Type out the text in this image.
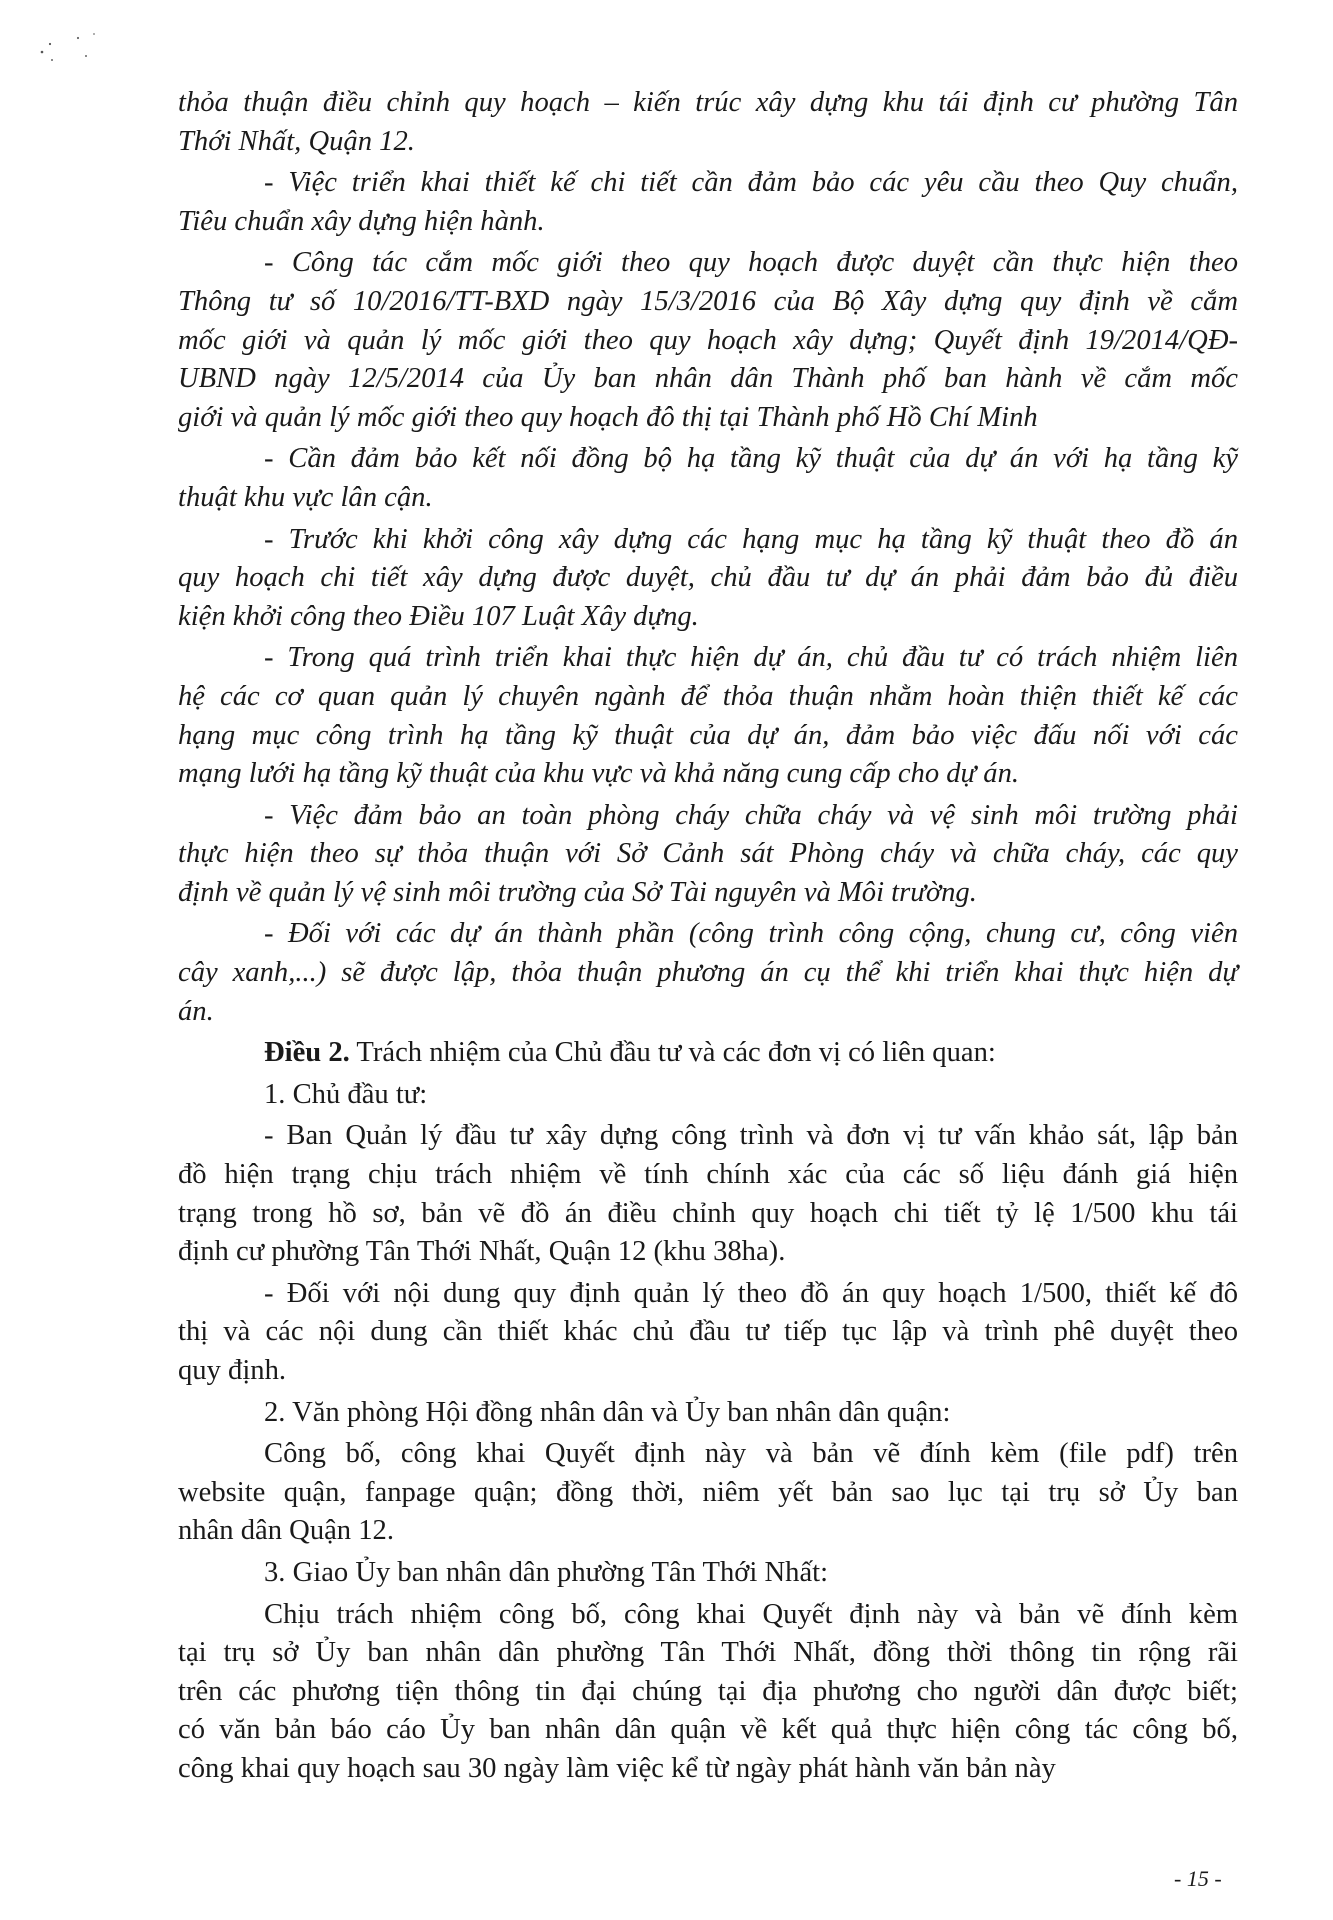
thỏa thuận điều chỉnh quy hoạch – kiến trúc xây dựng khu tái định cư phường Tân
Thới Nhất, Quận 12.
- Việc triển khai thiết kế chi tiết cần đảm bảo các yêu cầu theo Quy chuẩn,
Tiêu chuẩn xây dựng hiện hành.
- Công tác cắm mốc giới theo quy hoạch được duyệt cần thực hiện theo
Thông tư số 10/2016/TT-BXD ngày 15/3/2016 của Bộ Xây dựng quy định về cắm
mốc giới và quản lý mốc giới theo quy hoạch xây dựng; Quyết định 19/2014/QĐ-
UBND ngày 12/5/2014 của Ủy ban nhân dân Thành phố ban hành về cắm mốc
giới và quản lý mốc giới theo quy hoạch đô thị tại Thành phố Hồ Chí Minh
- Cần đảm bảo kết nối đồng bộ hạ tầng kỹ thuật của dự án với hạ tầng kỹ
thuật khu vực lân cận.
- Trước khi khởi công xây dựng các hạng mục hạ tầng kỹ thuật theo đồ án
quy hoạch chi tiết xây dựng được duyệt, chủ đầu tư dự án phải đảm bảo đủ điều
kiện khởi công theo Điều 107 Luật Xây dựng.
- Trong quá trình triển khai thực hiện dự án, chủ đầu tư có trách nhiệm liên
hệ các cơ quan quản lý chuyên ngành để thỏa thuận nhằm hoàn thiện thiết kế các
hạng mục công trình hạ tầng kỹ thuật của dự án, đảm bảo việc đấu nối với các
mạng lưới hạ tầng kỹ thuật của khu vực và khả năng cung cấp cho dự án.
- Việc đảm bảo an toàn phòng cháy chữa cháy và vệ sinh môi trường phải
thực hiện theo sự thỏa thuận với Sở Cảnh sát Phòng cháy và chữa cháy, các quy
định về quản lý vệ sinh môi trường của Sở Tài nguyên và Môi trường.
- Đối với các dự án thành phần (công trình công cộng, chung cư, công viên
cây xanh,...) sẽ được lập, thỏa thuận phương án cụ thể khi triển khai thực hiện dự
án.
Điều 2. Trách nhiệm của Chủ đầu tư và các đơn vị có liên quan:
1. Chủ đầu tư:
- Ban Quản lý đầu tư xây dựng công trình và đơn vị tư vấn khảo sát, lập bản
đồ hiện trạng chịu trách nhiệm về tính chính xác của các số liệu đánh giá hiện
trạng trong hồ sơ, bản vẽ đồ án điều chỉnh quy hoạch chi tiết tỷ lệ 1/500 khu tái
định cư phường Tân Thới Nhất, Quận 12 (khu 38ha).
- Đối với nội dung quy định quản lý theo đồ án quy hoạch 1/500, thiết kế đô
thị và các nội dung cần thiết khác chủ đầu tư tiếp tục lập và trình phê duyệt theo
quy định.
2. Văn phòng Hội đồng nhân dân và Ủy ban nhân dân quận:
Công bố, công khai Quyết định này và bản vẽ đính kèm (file pdf) trên
website quận, fanpage quận; đồng thời, niêm yết bản sao lục tại trụ sở Ủy ban
nhân dân Quận 12.
3. Giao Ủy ban nhân dân phường Tân Thới Nhất:
Chịu trách nhiệm công bố, công khai Quyết định này và bản vẽ đính kèm
tại trụ sở Ủy ban nhân dân phường Tân Thới Nhất, đồng thời thông tin rộng rãi
trên các phương tiện thông tin đại chúng tại địa phương cho người dân được biết;
có văn bản báo cáo Ủy ban nhân dân quận về kết quả thực hiện công tác công bố,
công khai quy hoạch sau 30 ngày làm việc kể từ ngày phát hành văn bản này
- 15 -
